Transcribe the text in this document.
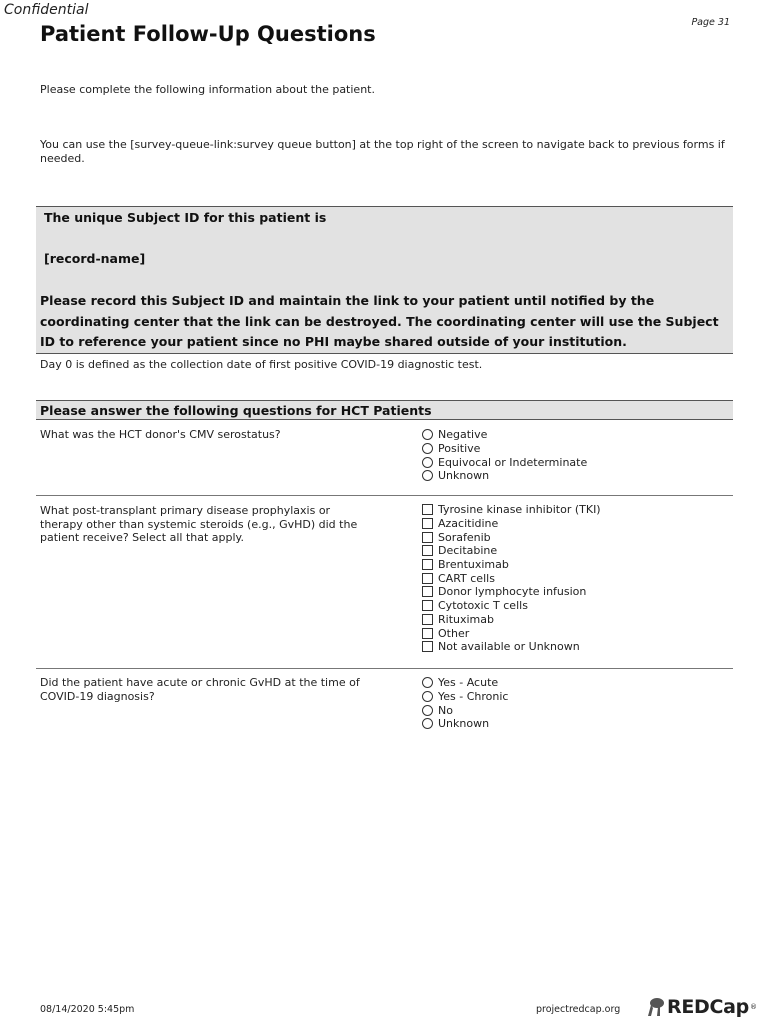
Confidential
Page 31
Patient Follow-Up Questions
Please complete the following information about the patient.
You can use the [survey-queue-link:survey queue button] at the top right of the screen to navigate back to previous forms if needed.
The unique Subject ID for this patient is
[record-name]
Please record this Subject ID and maintain the link to your patient until notified by the coordinating center that the link can be destroyed. The coordinating center will use the Subject ID to reference your patient since no PHI maybe shared outside of your institution.
Day 0 is defined as the collection date of first positive COVID-19 diagnostic test.
Please answer the following questions for HCT Patients
What was the HCT donor's CMV serostatus?	Negative
Positive
Equivocal or Indeterminate
Unknown
What post-transplant primary disease prophylaxis or therapy other than systemic steroids (e.g., GvHD) did the patient receive? Select all that apply.
Tyrosine kinase inhibitor (TKI)
Azacitidine
Sorafenib
Decitabine
Brentuximab
CART cells
Donor lymphocyte infusion
Cytotoxic T cells
Rituximab
Other
Not available or Unknown
Did the patient have acute or chronic GvHD at the time of COVID-19 diagnosis?
Yes - Acute
Yes - Chronic
No
Unknown
08/14/2020 5:45pm	projectredcap.org REDCap ®
